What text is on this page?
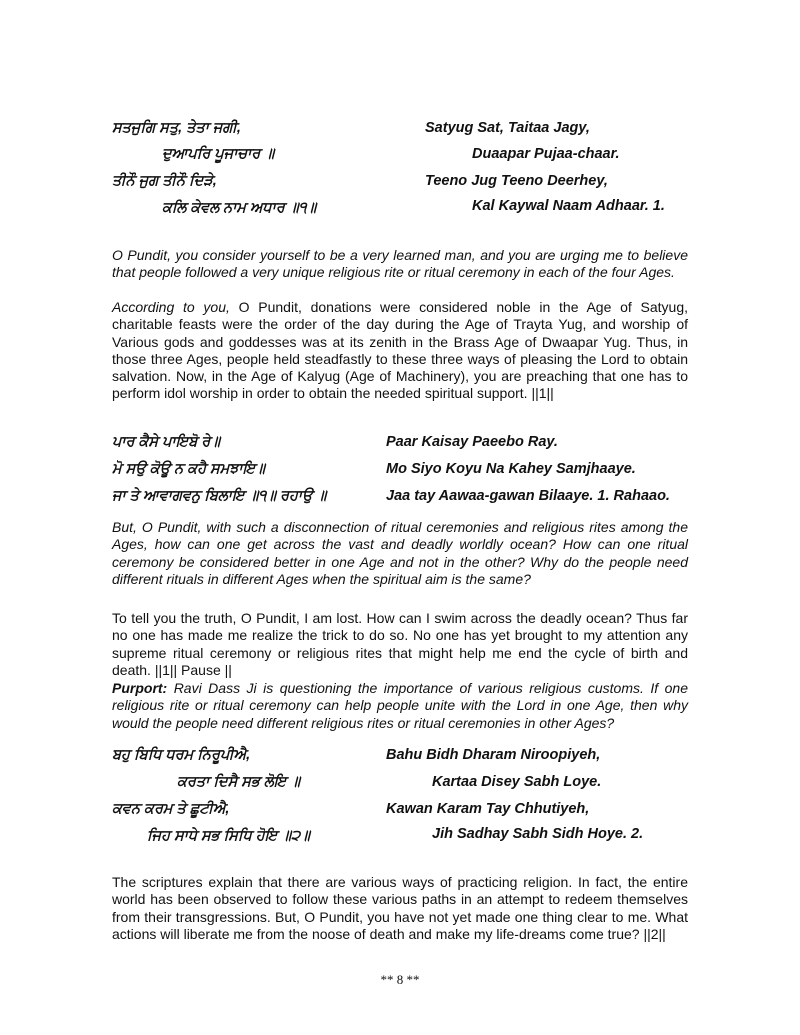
ਸਤਜੁਗਿ ਸਤੁ, ਤੇਤਾ ਜਗੀ,
ਦੁਆਪਰਿ ਪੂਜਾਚਾਰ ॥
ਤੀਨੌ ਜੁਗ ਤੀਨੌ ਦਿੜੇ,
ਕਲਿ ਕੇਵਲ ਨਾਮ ਅਧਾਰ ॥੧॥
Satyug Sat, Taitaa Jagy,
Duaapar Pujaa-chaar.
Teeno Jug Teeno Deerhey,
Kal Kaywal Naam Adhaar. 1.

O Pundit, you consider yourself to be a very learned man, and you are urging me to believe that people followed a very unique religious rite or ritual ceremony in each of the four Ages.

According to you, O Pundit, donations were considered noble in the Age of Satyug, charitable feasts were the order of the day during the Age of Trayta Yug, and worship of Various gods and goddesses was at its zenith in the Brass Age of Dwaapar Yug. Thus, in those three Ages, people held steadfastly to these three ways of pleasing the Lord to obtain salvation. Now, in the Age of Kalyug (Age of Machinery), you are preaching that one has to perform idol worship in order to obtain the needed spiritual support. ||1||

ਪਾਰ ਕੈਸੇ ਪਾਇਬੋ ਰੇ॥
ਮੋ ਸਉ ਕੋਊ ਨ ਕਹੈ ਸਮਝਾਇ॥
ਜਾ ਤੇ ਆਵਾਗਵਨੁ ਬਿਲਾਇ ॥੧॥ ਰਹਾਉ ॥
Paar Kaisay Paeebo Ray.
Mo Siyo Koyu Na Kahey Samjhaaye.
Jaa tay Aawaa-gawan Bilaaye. 1. Rahaao.

But, O Pundit, with such a disconnection of ritual ceremonies and religious rites among the Ages, how can one get across the vast and deadly worldly ocean? How can one ritual ceremony be considered better in one Age and not in the other? Why do the people need different rituals in different Ages when the spiritual aim is the same?

To tell you the truth, O Pundit, I am lost. How can I swim across the deadly ocean? Thus far no one has made me realize the trick to do so. No one has yet brought to my attention any supreme ritual ceremony or religious rites that might help me end the cycle of birth and death. ||1|| Pause ||

Purport: Ravi Dass Ji is questioning the importance of various religious customs. If one religious rite or ritual ceremony can help people unite with the Lord in one Age, then why would the people need different religious rites or ritual ceremonies in other Ages?

ਬਹੁ ਬਿਧਿ ਧਰਮ ਨਿਰੂਪੀਐ,
ਕਰਤਾ ਦਿਸੈ ਸਭ ਲੋਇ ॥
ਕਵਨ ਕਰਮ ਤੇ ਛੂਟੀਐ,
ਜਿਹ ਸਾਧੇ ਸਭ ਸਿਧਿ ਹੋਇ ॥੨॥
Bahu Bidh Dharam Niroopiyeh,
Kartaa Disey Sabh Loye.
Kawan Karam Tay Chhutiyeh,
Jih Sadhay Sabh Sidh Hoye. 2.

The scriptures explain that there are various ways of practicing religion. In fact, the entire world has been observed to follow these various paths in an attempt to redeem themselves from their transgressions. But, O Pundit, you have not yet made one thing clear to me. What actions will liberate me from the noose of death and make my life-dreams come true? ||2||

** 8 **
